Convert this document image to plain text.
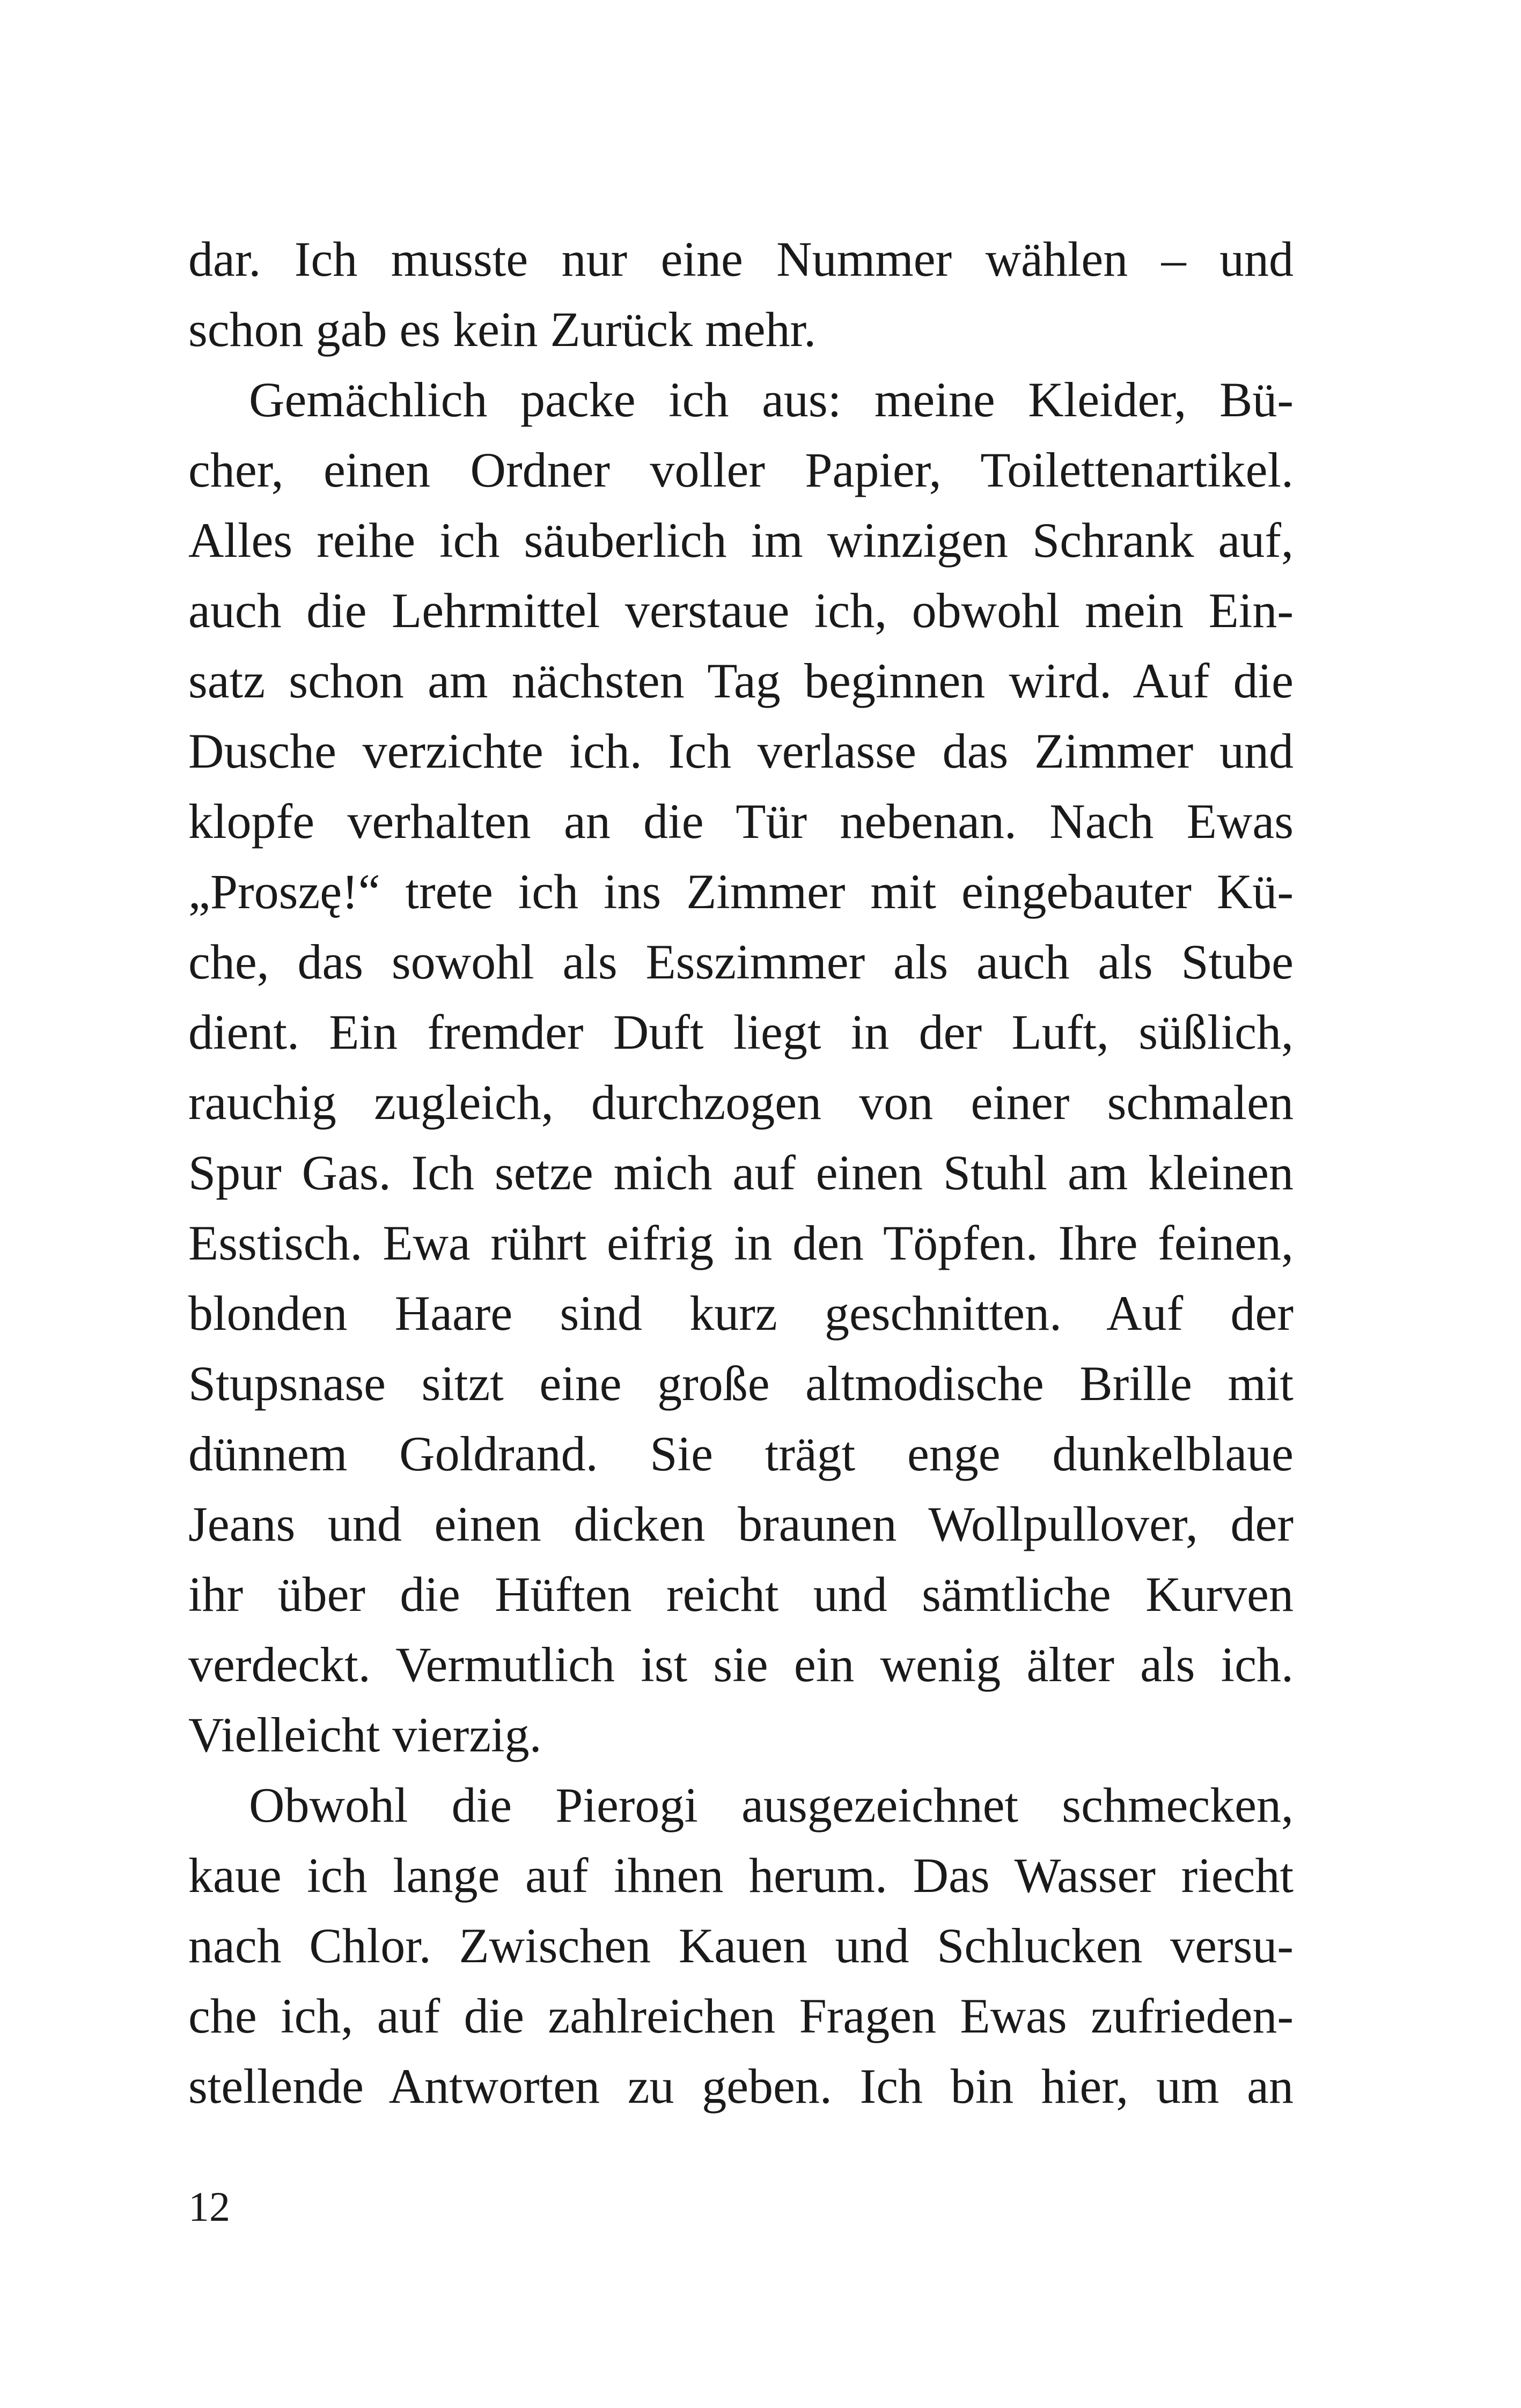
dar. Ich musste nur eine Nummer wählen – und
schon gab es kein Zurück mehr.
Gemächlich packe ich aus: meine Kleider, Bü-
cher, einen Ordner voller Papier, Toilettenartikel.
Alles reihe ich säuberlich im winzigen Schrank auf,
auch die Lehrmittel verstaue ich, obwohl mein Ein-
satz schon am nächsten Tag beginnen wird. Auf die
Dusche verzichte ich. Ich verlasse das Zimmer und
klopfe verhalten an die Tür nebenan. Nach Ewas
„Proszę!“ trete ich ins Zimmer mit eingebauter Kü-
che, das sowohl als Esszimmer als auch als Stube
dient. Ein fremder Duft liegt in der Luft, süßlich,
rauchig zugleich, durchzogen von einer schmalen
Spur Gas. Ich setze mich auf einen Stuhl am kleinen
Esstisch. Ewa rührt eifrig in den Töpfen. Ihre feinen,
blonden Haare sind kurz geschnitten. Auf der
Stupsnase sitzt eine große altmodische Brille mit
dünnem Goldrand. Sie trägt enge dunkelblaue
Jeans und einen dicken braunen Wollpullover, der
ihr über die Hüften reicht und sämtliche Kurven
verdeckt. Vermutlich ist sie ein wenig älter als ich.
Vielleicht vierzig.
Obwohl die Pierogi ausgezeichnet schmecken,
kaue ich lange auf ihnen herum. Das Wasser riecht
nach Chlor. Zwischen Kauen und Schlucken versu-
che ich, auf die zahlreichen Fragen Ewas zufrieden-
stellende Antworten zu geben. Ich bin hier, um an
12
